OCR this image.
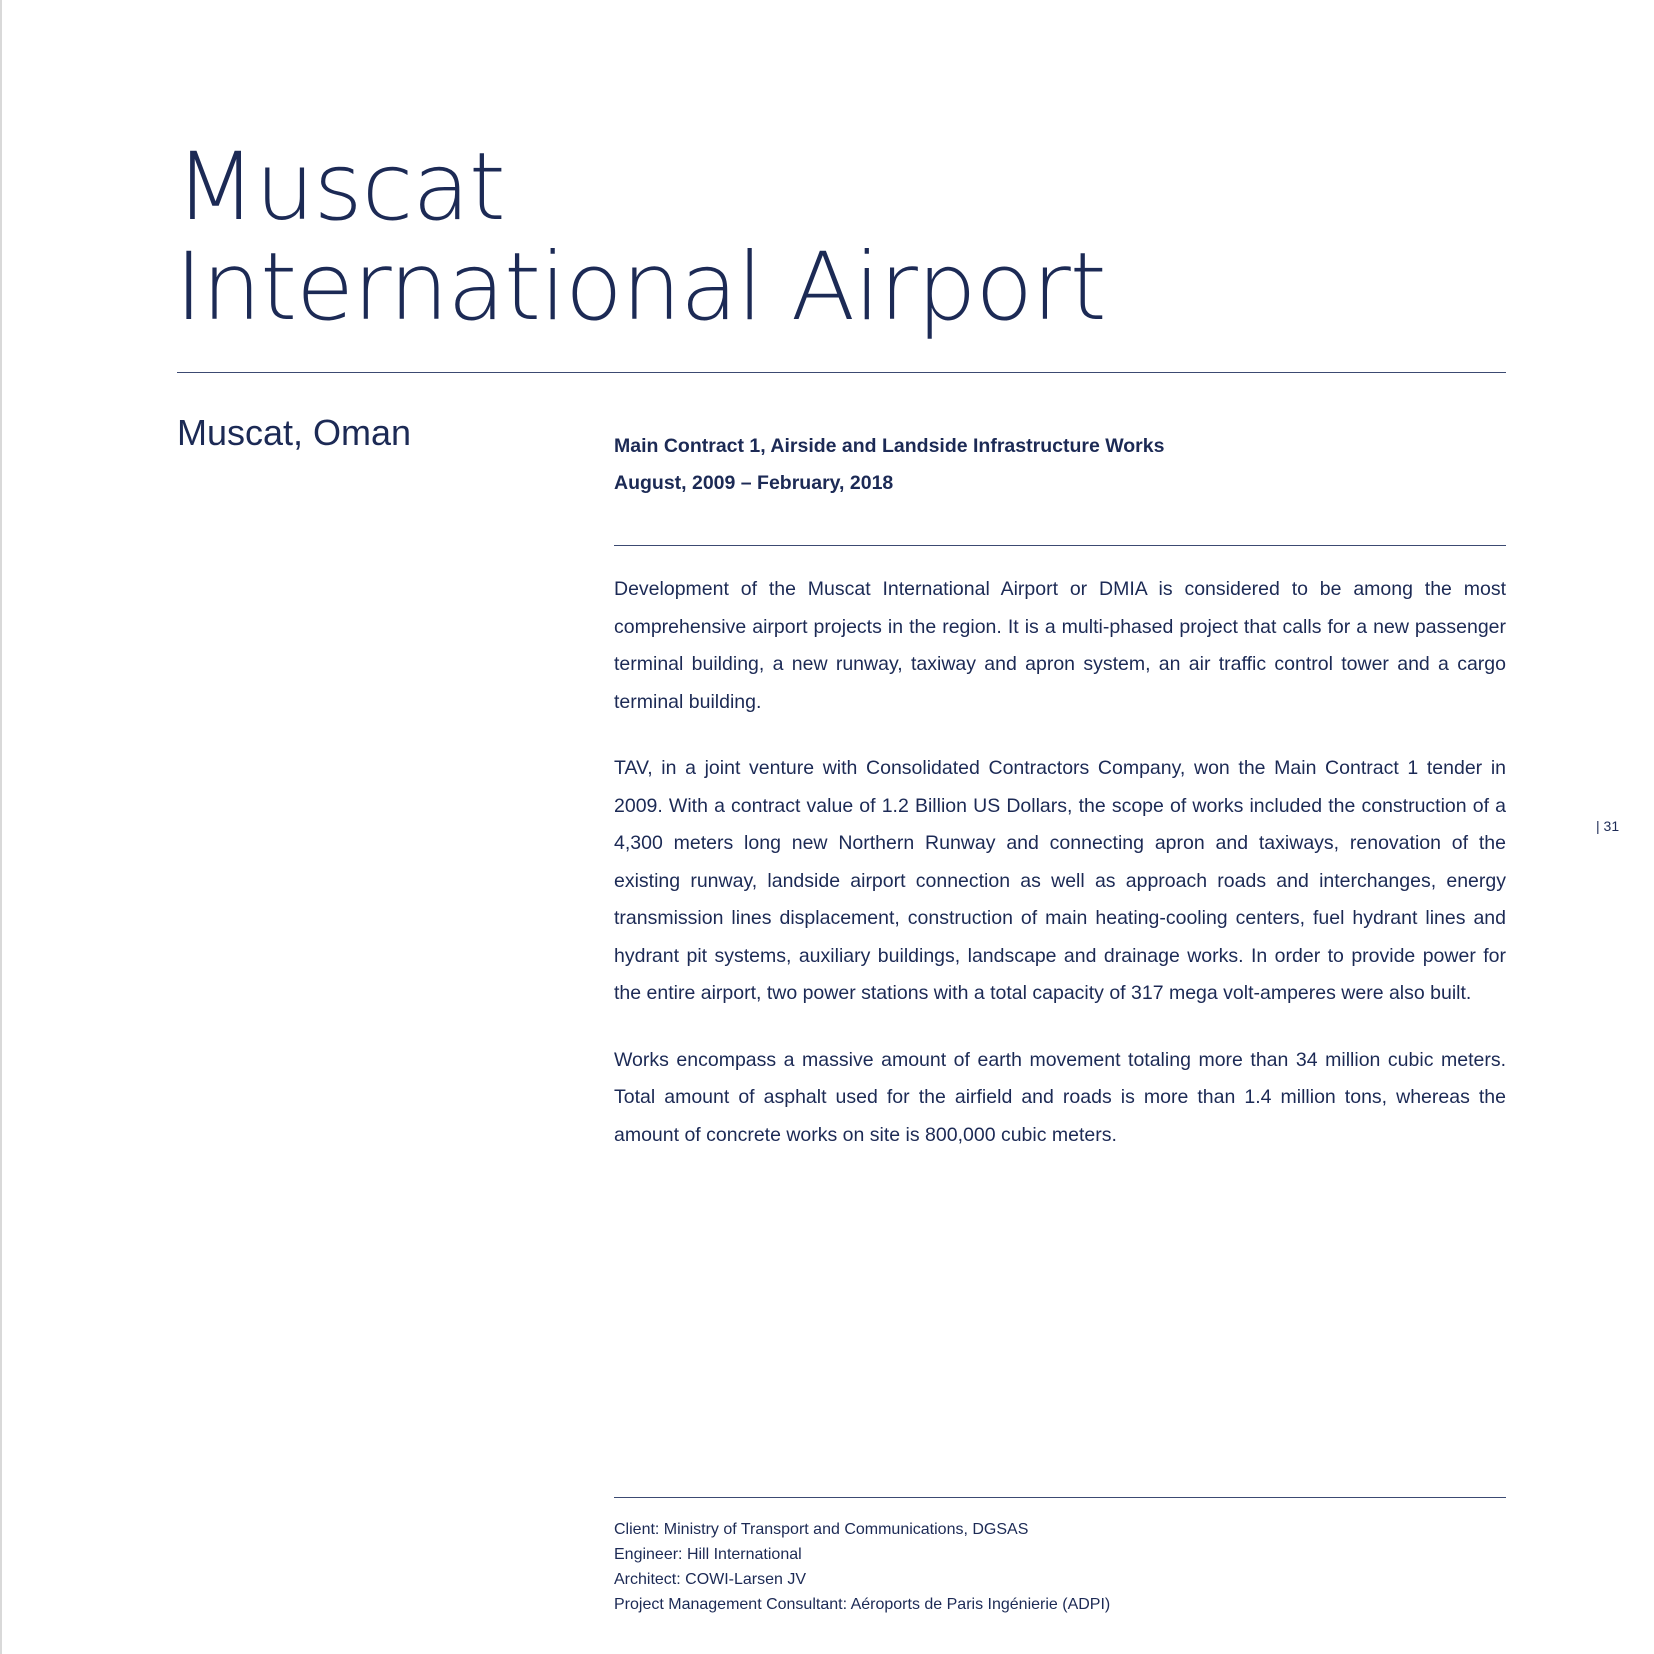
Muscat
International Airport
Muscat, Oman	Main Contract 1, Airside and Landside Infrastructure Works
August, 2009 – February, 2018

Development of the Muscat International Airport or DMIA is considered to be among the most comprehensive airport projects in the region. It is a multi-phased project that calls for a new passenger terminal building, a new runway, taxiway and apron system, an air traffic control tower and a cargo terminal building.

TAV, in a joint venture with Consolidated Contractors Company, won the Main Contract 1 tender in 2009. With a contract value of 1.2 Billion US Dollars, the scope of works included the construction of a 4,300 meters long new Northern Runway and connecting apron and taxiways, renovation of the existing runway, landside airport connection as well as approach roads and interchanges, energy transmission lines displacement, construction of main heating-cooling centers, fuel hydrant lines and hydrant pit systems, auxiliary buildings, landscape and drainage works. In order to provide power for the entire airport, two power stations with a total capacity of 317 mega volt-amperes were also built.

Works encompass a massive amount of earth movement totaling more than 34 million cubic meters. Total amount of asphalt used for the airfield and roads is more than 1.4 million tons, whereas the amount of concrete works on site is 800,000 cubic meters.

| 31
Client: Ministry of Transport and Communications, DGSAS
Engineer: Hill International
Architect: COWI-Larsen JV
Project Management Consultant: Aéroports de Paris Ingénierie (ADPI)
